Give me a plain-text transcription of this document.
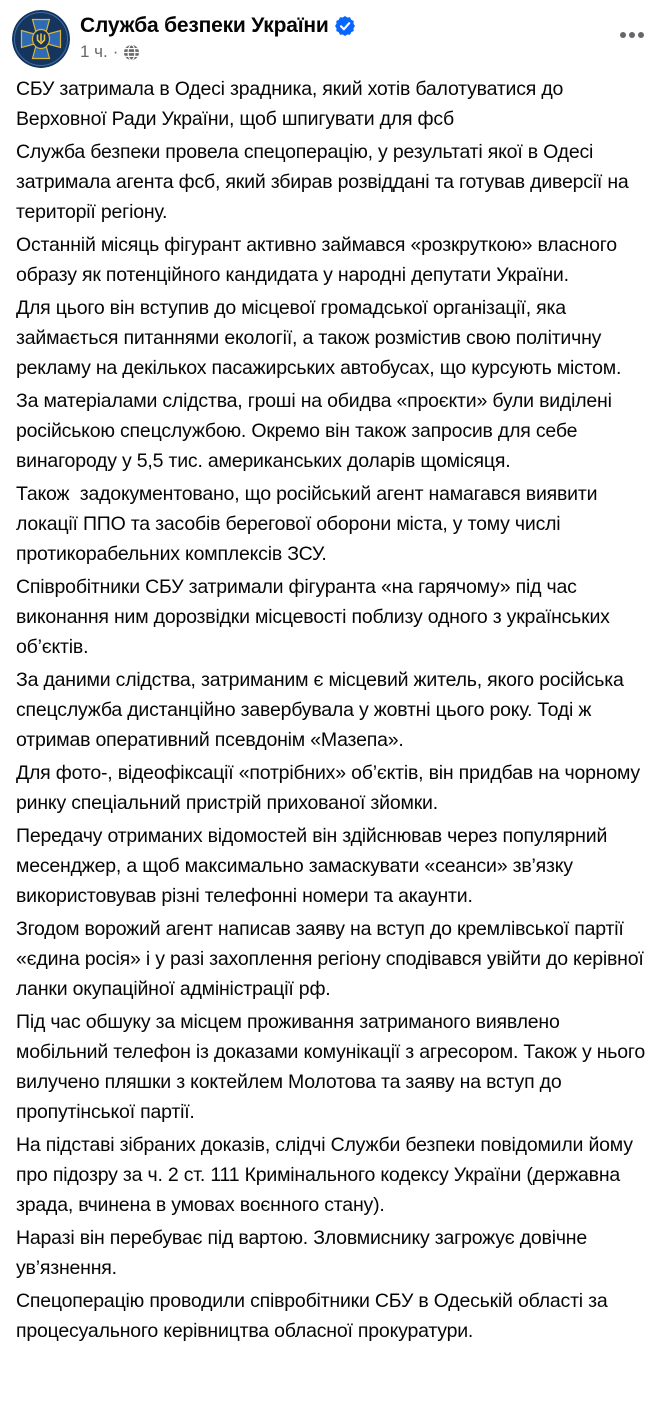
Служба безпеки України
1 ч. ·

СБУ затримала в Одесі зрадника, який хотів балотуватися до Верховної Ради України, щоб шпигувати для фсб

Служба безпеки провела спецоперацію, у результаті якої в Одесі затримала агента фсб, який збирав розвіддані та готував диверсії на території регіону.

Останній місяць фігурант активно займався «розкруткою» власного образу як потенційного кандидата у народні депутати України.

Для цього він вступив до місцевої громадської організації, яка займається питаннями екології, а також розмістив свою політичну рекламу на декількох пасажирських автобусах, що курсують містом.

За матеріалами слідства, гроші на обидва «проєкти» були виділені російською спецслужбою. Окремо він також запросив для себе винагороду у 5,5 тис. американських доларів щомісяця.

Також  задокументовано, що російський агент намагався виявити локації ППО та засобів берегової оборони міста, у тому числі протикорабельних комплексів ЗСУ.

Співробітники СБУ затримали фігуранта «на гарячому» під час виконання ним дорозвідки місцевості поблизу одного з українських об’єктів.

За даними слідства, затриманим є місцевий житель, якого російська спецслужба дистанційно завербувала у жовтні цього року. Тоді ж отримав оперативний псевдонім «Мазепа».

Для фото-, відеофіксації «потрібних» об’єктів, він придбав на чорному ринку спеціальний пристрій прихованої зйомки.

Передачу отриманих відомостей він здійснював через популярний месенджер, а щоб максимально замаскувати «сеанси» зв’язку використовував різні телефонні номери та акаунти.

Згодом ворожий агент написав заяву на вступ до кремлівської партії «єдина росія» і у разі захоплення регіону сподівався увійти до керівної ланки окупаційної адміністрації рф.

Під час обшуку за місцем проживання затриманого виявлено мобільний телефон із доказами комунікації з агресором. Також у нього вилучено пляшки з коктейлем Молотова та заяву на вступ до пропутінської партії.

На підставі зібраних доказів, слідчі Служби безпеки повідомили йому про підозру за ч. 2 ст. 111 Кримінального кодексу України (державна зрада, вчинена в умовах воєнного стану).

Наразі він перебуває під вартою. Зловмиснику загрожує довічне ув’язнення.

Спецоперацію проводили співробітники СБУ в Одеській області за процесуального керівництва обласної прокуратури.
